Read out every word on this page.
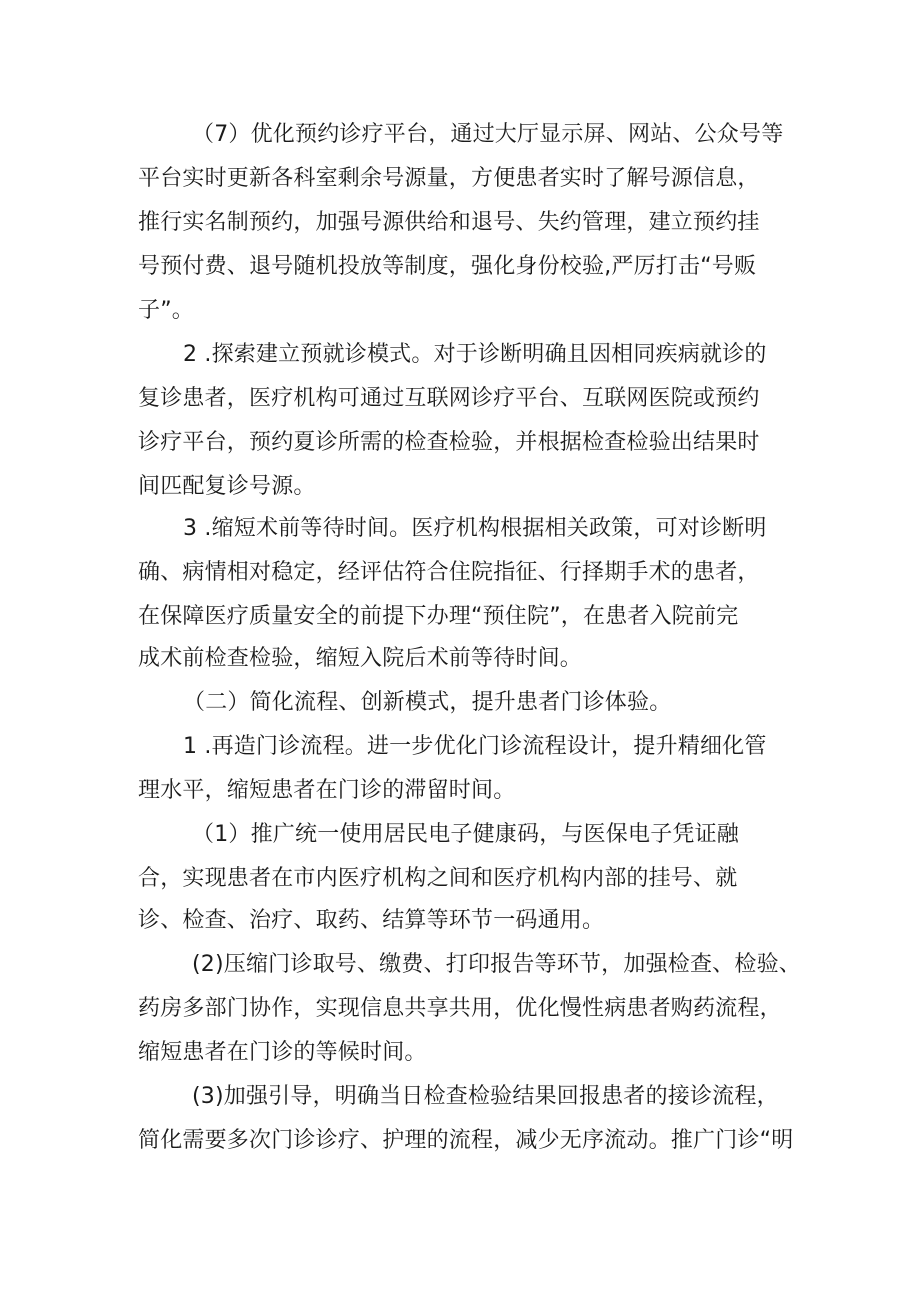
（7）优化预约诊疗平台，通过大厅显示屏、网站、公众号等
平台实时更新各科室剩余号源量，方便患者实时了解号源信息，
推行实名制预约，加强号源供给和退号、失约管理，建立预约挂
号预付费、退号随机投放等制度，强化身份校验,严厉打击“号贩
子”。
2 .探索建立预就诊模式。对于诊断明确且因相同疾病就诊的
复诊患者，医疗机构可通过互联网诊疗平台、互联网医院或预约
诊疗平台，预约夏诊所需的检查检验，并根据检查检验出结果时
间匹配复诊号源。
3 .缩短术前等待时间。医疗机构根据相关政策，可对诊断明
确、病情相对稳定，经评估符合住院指征、行择期手术的患者，
在保障医疗质量安全的前提下办理“预住院”，在患者入院前完
成术前检查检验，缩短入院后术前等待时间。
（二）简化流程、创新模式，提升患者门诊体验。
1 .再造门诊流程。进一步优化门诊流程设计，提升精细化管
理水平，缩短患者在门诊的滞留时间。
（1）推广统一使用居民电子健康码，与医保电子凭证融
合，实现患者在市内医疗机构之间和医疗机构内部的挂号、就
诊、检查、治疗、取药、结算等环节一码通用。
(2)压缩门诊取号、缴费、打印报告等环节，加强检查、检验、
药房多部门协作，实现信息共享共用，优化慢性病患者购药流程，
缩短患者在门诊的等候时间。
(3)加强引导，明确当日检查检验结果回报患者的接诊流程，
简化需要多次门诊诊疗、护理的流程，减少无序流动。推广门诊“明
